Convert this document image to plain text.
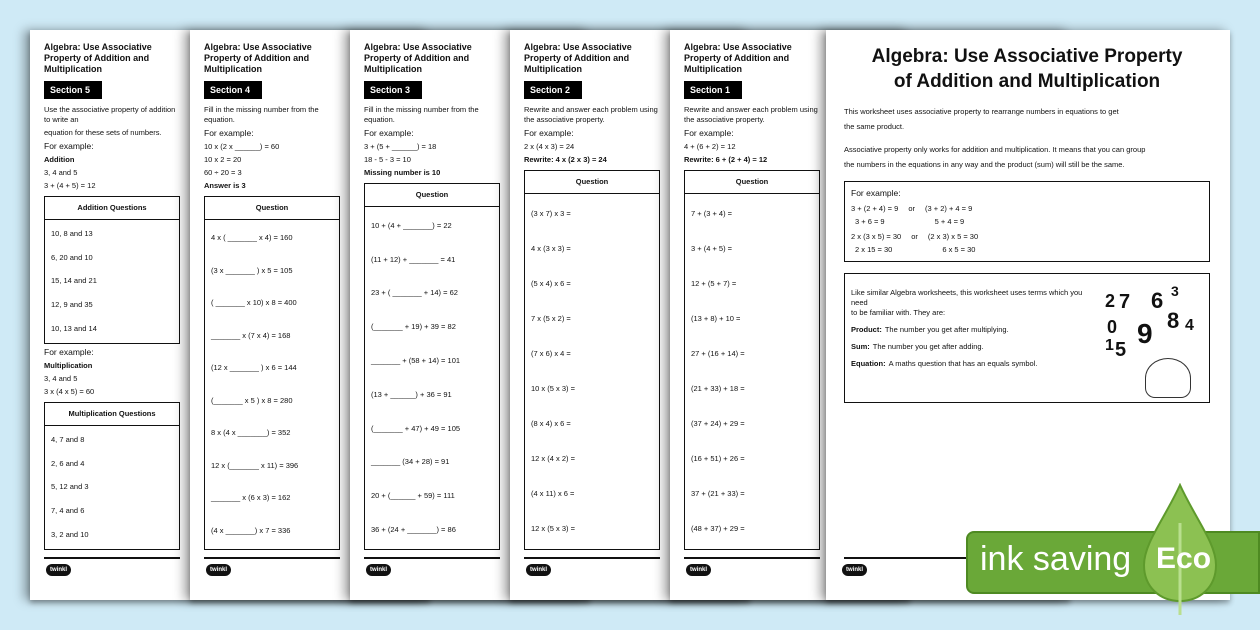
Algebra: Use Associative Property of Addition and Multiplication
Section 5
Use the associative property of addition to write an
equation for these sets of numbers.
For example:
Addition
3, 4 and 5
3 + (4 + 5) = 12
Addition Questions
10, 8 and 13
6, 20 and 10
15, 14 and 21
12, 9 and 35
10, 13 and 14
For example:
Multiplication
3, 4 and 5
3 x (4 x 5) = 60
Multiplication Questions
4, 7 and 8
2, 6 and 4
5, 12 and 3
7, 4 and 6
3, 2 and 10
twinkl
Algebra: Use Associative Property of Addition and Multiplication
Section 4
Fill in the missing number from the equation.
For example:
10 x (2 x ______) = 60
10 x 2 = 20
60 ÷ 20 = 3
Answer is 3
Question
4 x ( _______ x 4) = 160
(3 x _______ ) x 5 = 105
( _______ x 10) x 8 = 400
_______ x (7 x 4) = 168
(12 x _______ ) x 6 = 144
(_______ x 5 ) x 8 = 280
8 x (4 x _______) = 352
12 x (_______ x 11) = 396
_______ x (6 x 3) = 162
(4 x _______) x 7 = 336
twinkl
Algebra: Use Associative Property of Addition and Multiplication
Section 3
Fill in the missing number from the equation.
For example:
3 + (5 + ______) = 18
18 - 5 - 3 = 10
Missing number is 10
Question
10 + (4 + _______) = 22
(11 + 12) + _______ = 41
23 + ( _______ + 14) = 62
(_______ + 19) + 39 = 82
_______ + (58 + 14) = 101
(13 + ______) + 36 = 91
(_______ + 47) + 49 = 105
_______ (34 + 28) = 91
20 + (______ + 59) = 111
36 + (24 + _______) = 86
twinkl
Algebra: Use Associative Property of Addition and Multiplication
Section 2
Rewrite and answer each problem using the associative property.
For example:
2 x (4 x 3) = 24
Rewrite: 4 x (2 x 3) = 24
Question
(3 x 7) x 3 =
4 x (3 x 3) =
(5 x 4) x 6 =
7 x (5 x 2) =
(7 x 6) x 4 =
10 x (5 x 3) =
(8 x 4) x 6 =
12 x (4 x 2) =
(4 x 11) x 6 =
12 x (5 x 3) =
twinkl
Algebra: Use Associative Property of Addition and Multiplication
Section 1
Rewrite and answer each problem using the associative property.
For example:
4 + (6 + 2) = 12
Rewrite: 6 + (2 + 4) = 12
Question
7 + (3 + 4) =
3 + (4 + 5) =
12 + (5 + 7) =
(13 + 8) + 10 =
27 + (16 + 14) =
(21 + 33) + 18 =
(37 + 24) + 29 =
(16 + 51) + 26 =
37 + (21 + 33) =
(48 + 37) + 29 =
twinkl
Algebra: Use Associative Property
of Addition and Multiplication
This worksheet uses associative property to rearrange numbers in equations to get
the same product.
Associative property only works for addition and multiplication. It means that you can group
the numbers in the equations in any way and the product (sum) will still be the same.
For example:
3 + (2 + 4) = 9 or (3 + 2) + 4 = 9
3 + 6 = 9	5 + 4 = 9
2 x (3 x 5) = 30 or (2 x 3) x 5 = 30
2 x 15 = 30	6 x 5 = 30
Like similar Algebra worksheets, this worksheet uses terms which you need
to be familiar with. They are:
Product: The number you get after multiplying.
Sum: The number you get after adding.
Equation: A maths question that has an equals symbol.
2 7 6 3
8 4
0 9
1 5
twinkl	ink saving Eco
